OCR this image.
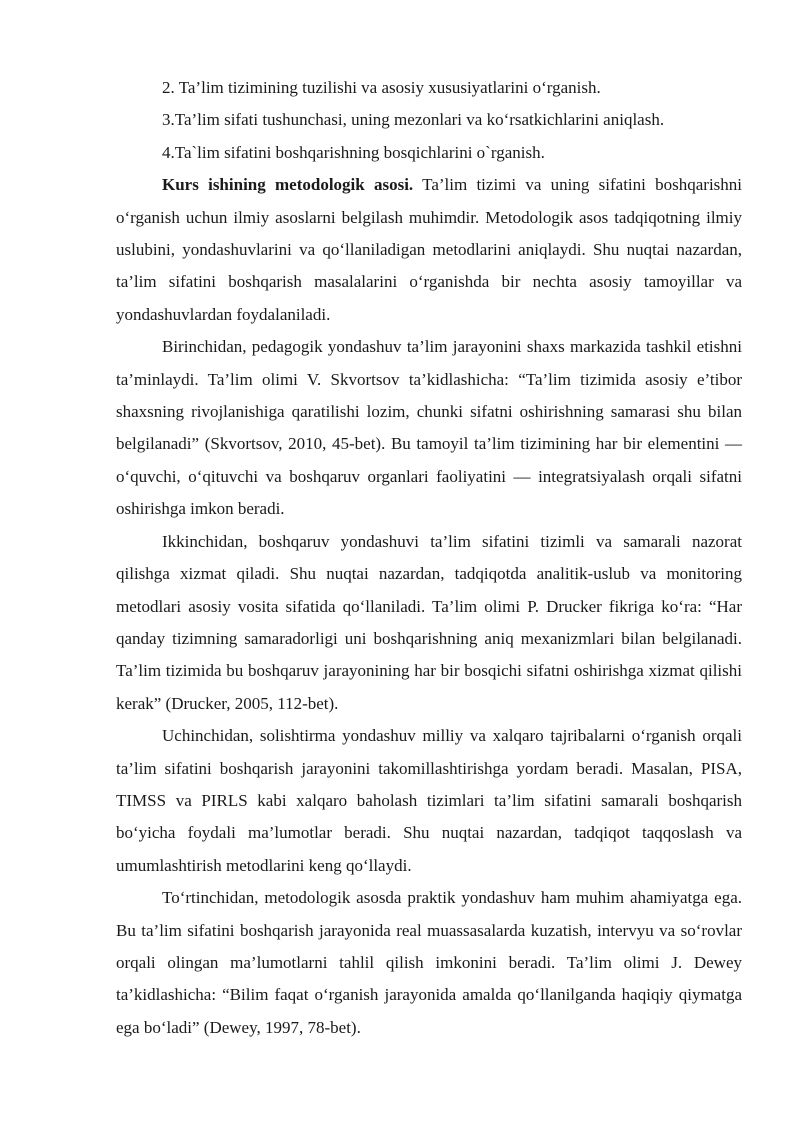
2. Ta’lim tizimining tuzilishi va asosiy xususiyatlarini o‘rganish.

3.Ta’lim sifati tushunchasi, uning mezonlari va ko‘rsatkichlarini aniqlash.

4.Ta`lim sifatini boshqarishning bosqichlarini o`rganish.

Kurs ishining metodologik asosi. Ta’lim tizimi va uning sifatini boshqarishni o‘rganish uchun ilmiy asoslarni belgilash muhimdir. Metodologik asos tadqiqotning ilmiy uslubini, yondashuvlarini va qo‘llaniladigan metodlarini aniqlaydi. Shu nuqtai nazardan, ta’lim sifatini boshqarish masalalarini o‘rganishda bir nechta asosiy tamoyillar va yondashuvlardan foydalaniladi.

Birinchidan, pedagogik yondashuv ta’lim jarayonini shaxs markazida tashkil etishni ta’minlaydi. Ta’lim olimi V. Skvortsov ta’kidlashicha: “Ta’lim tizimida asosiy e’tibor shaxsning rivojlanishiga qaratilishi lozim, chunki sifatni oshirishning samarasi shu bilan belgilanadi” (Skvortsov, 2010, 45-bet). Bu tamoyil ta’lim tizimining har bir elementini — o‘quvchi, o‘qituvchi va boshqaruv organlari faoliyatini — integratsiyalash orqali sifatni oshirishga imkon beradi.

Ikkinchidan, boshqaruv yondashuvi ta’lim sifatini tizimli va samarali nazorat qilishga xizmat qiladi. Shu nuqtai nazardan, tadqiqotda analitik-uslub va monitoring metodlari asosiy vosita sifatida qo‘llaniladi. Ta’lim olimi P. Drucker fikriga ko‘ra: “Har qanday tizimning samaradorligi uni boshqarishning aniq mexanizmlari bilan belgilanadi. Ta’lim tizimida bu boshqaruv jarayonining har bir bosqichi sifatni oshirishga xizmat qilishi kerak” (Drucker, 2005, 112-bet).

Uchinchidan, solishtirma yondashuv milliy va xalqaro tajribalarni o‘rganish orqali ta’lim sifatini boshqarish jarayonini takomillashtirishga yordam beradi. Masalan, PISA, TIMSS va PIRLS kabi xalqaro baholash tizimlari ta’lim sifatini samarali boshqarish bo‘yicha foydali ma’lumotlar beradi. Shu nuqtai nazardan, tadqiqot taqqoslash va umumlashtirish metodlarini keng qo‘llaydi.

To‘rtinchidan, metodologik asosda praktik yondashuv ham muhim ahamiyatga ega. Bu ta’lim sifatini boshqarish jarayonida real muassasalarda kuzatish, intervyu va so‘rovlar orqali olingan ma’lumotlarni tahlil qilish imkonini beradi. Ta’lim olimi J. Dewey ta’kidlashicha: “Bilim faqat o‘rganish jarayonida amalda qo‘llanilganda haqiqiy qiymatga ega bo‘ladi” (Dewey, 1997, 78-bet).
